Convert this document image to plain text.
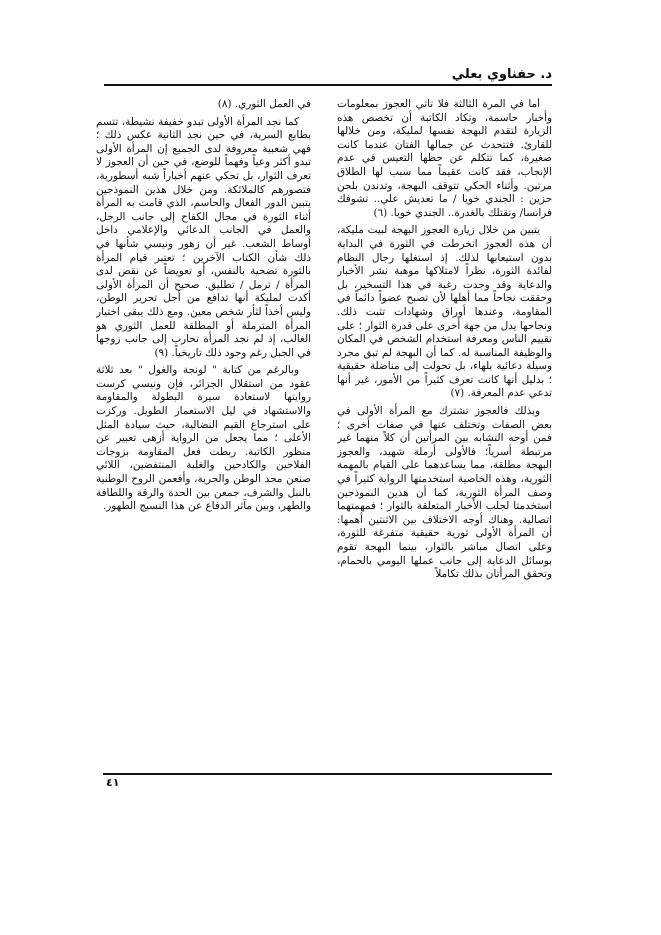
د. حفناوي بعلي

أما في المرة الثالثة فلا تأتي العجوز بمعلومات وأخبار حاسمة، وتكاد الكاتبة أن تخصص هذه الزيارة لتقدم البهجة نفسها لمليكة، ومن خلالها للقارئ. فتتحدث عن جمالها الفتان عندما كانت صغيرة، كما تتكلم عن حظها التعيس في عدم الإنجاب، فقد كانت عقيماً مما سبب لها الطلاق مرتين. وأثناء الحكي تتوقف البهجة، وتدندن بلحن حزين : الجندي خويا / ما تعديش علي.. تشوفك فرانسا/ وتقتلك بالغدرة.. الجندي خويا. (٦)

يتبين من خلال زيارة العجوز البهجة لبيت مليكة، أن هذه العجوز انخرطت في الثورة في البداية بدون استيعابها لذلك. إذ استغلها رجال النظام لفائدة الثورة، نظراً لامتلاكها موهبة نشر الأخبار والدعاية وقد وجدت رغبة في هذا التسخير، بل وحققت نجاحاً مما أهلها لأن تصبح عضواً دائماً في المقاومة، وعندها أوراق وشهادات تثبت ذلك. ونجاحها يدل من جهة أخرى على قدرة الثوار ؛ على تقييم الناس ومعرفة استخدام الشخص في المكان والوظيفة المناسبة له. كما أن البهجة لم تبق مجرد وسيلة دعائية بلهاء، بل تحولت إلى مناضلة حقيقية ؛ بدليل أنها كانت تعرف كثيراً من الأمور، غير أنها تدعي عدم المعرفة. (٧)

وبذلك فالعجوز تشترك مع المرأة الأولى في بعض الصفات وتختلف عنها في صفات أخرى ؛ فمن أوجه التشابه بين المرأتين أن كلاً منهما غير مرتبطة أسرياً؛ فالأولى أرملة شهيد، والعجوز البهجة مطلقة، مما يساعدهما على القيام بالمهمة الثورية، وهذه الخاصية استخدمتها الرواية كثيراً في وصف المرأة الثورية، كما أن هذين النموذجين استخدمتا لجلب الأخبار المتعلقة بالثوار ؛ فمهمتهما اتصالية. وهناك أوجه الاختلاف بين الاثنتين أهمها: أن المرأة الأولى ثورية حقيقية متفرغة للثورة، وعلى اتصال مباشر بالثوار، بينما البهجة تقوم بوسائل الدعاية إلى جانب عملها اليومي بالحمام، وتحقق المرأتان بذلك تكاملاً

في العمل الثوري. (٨)

كما نجد المرأة الأولى تبدو خفيفة نشيطة، تتسم بطابع السرية، في حين نجد الثانية عكس ذلك ؛ فهي شعبية معروفة لدى الجميع إن المرأة الأولى تبدو أكثر وعياً وفهماً للوضع، في حين أن العجوز لا تعرف الثوار، بل تحكي عنهم أخباراً شبه أسطورية، فتصورهم كالملائكة. ومن خلال هذين النموذجين يتبين الدور الفعال والحاسم، الذي قامت به المرأة أثناء الثورة في مجال الكفاح إلى جانب الرجل، والعمل في الجانب الدعائي والإعلامي داخل أوساط الشعب. غير أن زهور ونيسي شأنها في ذلك شأن الكتاب الآخرين ؛ تعتبر قيام المرأة بالثورة تضحية بالنفس، أو تعويضاً عن نقص لدى المرأة / ترمل / تطليق. صحيح أن المرأة الأولى أكدت لمليكة أنها تدافع من أجل تحرير الوطن، وليس أخذاً لثأر شخص معين. ومع ذلك يبقى اختيار المرأة المترملة أو المطلقة للعمل الثوري هو الغالب، إذ لم نجد المرأة تحارب إلى جانب زوجها في الجبل رغم وجود ذلك تاريخياً. (٩)

وبالرغم من كتابة " لونجة والغول " بعد ثلاثة عقود من استقلال الجزائر، فإن ونيسي كرست روايتها لاستعادة سيرة البطولة والمقاومة والاستشهاد في ليل الاستعمار الطويل. وركزت على استرجاع القيم النضالية، حيث سيادة المثل الأعلى ؛ مما يجعل من الرواية أزهى تعبير عن منظور الكاتبة. ربطت فعل المقاومة بزوجات الفلاحين والكادحين والغلبة المنتفضين، اللائي صنعن مجد الوطن والحرية، وأفعمن الروح الوطنية بالنبل والشرف، جمعن بين الحدة والرقة واللطافة والطهر، وبين مآثر الدفاع عن هذا النسيج الطهور.

٤١
